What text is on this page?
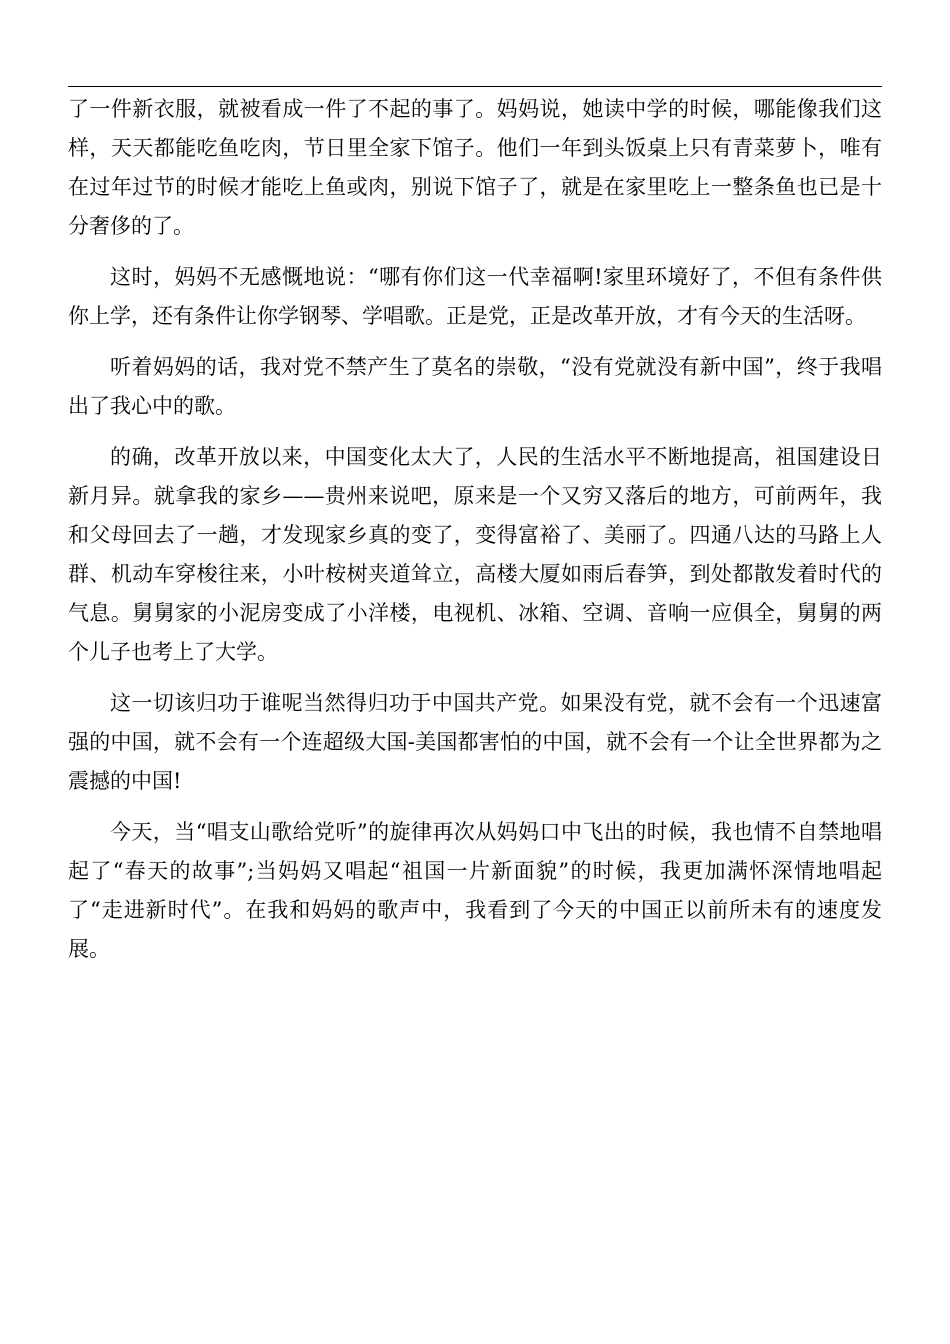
了一件新衣服，就被看成一件了不起的事了。妈妈说，她读中学的时候，哪能像我们这样，天天都能吃鱼吃肉，节日里全家下馆子。他们一年到头饭桌上只有青菜萝卜，唯有在过年过节的时候才能吃上鱼或肉，别说下馆子了，就是在家里吃上一整条鱼也已是十分奢侈的了。

这时，妈妈不无感慨地说：“哪有你们这一代幸福啊!家里环境好了，不但有条件供你上学，还有条件让你学钢琴、学唱歌。正是党，正是改革开放，才有今天的生活呀。

听着妈妈的话，我对党不禁产生了莫名的崇敬，“没有党就没有新中国”，终于我唱出了我心中的歌。

的确，改革开放以来，中国变化太大了，人民的生活水平不断地提高，祖国建设日新月异。就拿我的家乡——贵州来说吧，原来是一个又穷又落后的地方，可前两年，我和父母回去了一趟，才发现家乡真的变了，变得富裕了、美丽了。四通八达的马路上人群、机动车穿梭往来，小叶桉树夹道耸立，高楼大厦如雨后春笋，到处都散发着时代的气息。舅舅家的小泥房变成了小洋楼，电视机、冰箱、空调、音响一应俱全，舅舅的两个儿子也考上了大学。

这一切该归功于谁呢当然得归功于中国共产党。如果没有党，就不会有一个迅速富强的中国，就不会有一个连超级大国-美国都害怕的中国，就不会有一个让全世界都为之震撼的中国!

今天，当“唱支山歌给党听”的旋律再次从妈妈口中飞出的时候，我也情不自禁地唱起了“春天的故事”;当妈妈又唱起“祖国一片新面貌”的时候，我更加满怀深情地唱起了“走进新时代”。在我和妈妈的歌声中，我看到了今天的中国正以前所未有的速度发展。
